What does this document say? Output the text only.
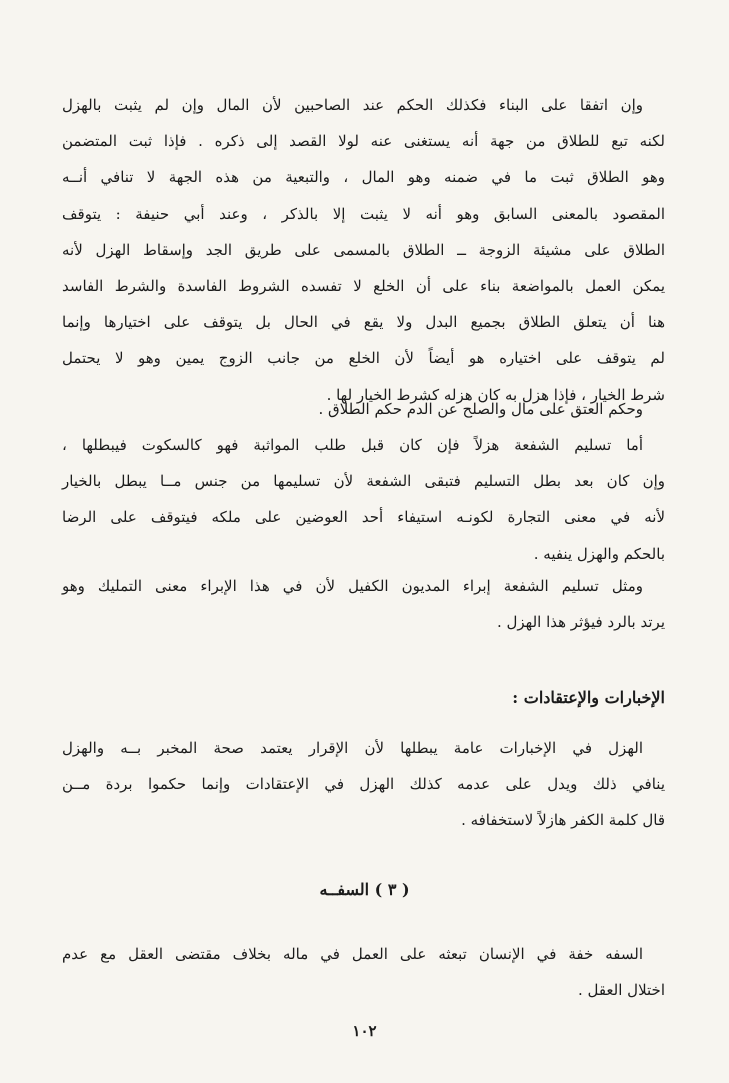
وإن اتفقا على البناء فكذلك الحكم عند الصاحبين لأن المال وإن لم يثبت بالهزل
لكنه تبع للطلاق من جهة أنه يستغنى عنه لولا القصد إلى ذكره . فإذا ثبت المتضمن
وهو الطلاق ثبت ما في ضمنه وهو المال ، والتبعية من هذه الجهة لا تنافي أنــه
المقصود بالمعنى السابق وهو أنه لا يثبت إلا بالذكر ، وعند أبي حنيفة : يتوقف
الطلاق على مشيئة الزوجة ــ الطلاق بالمسمى على طريق الجد وإسقاط الهزل لأنه
يمكن العمل بالمواضعة بناء على أن الخلع لا تفسده الشروط الفاسدة والشرط الفاسد
هنا أن يتعلق الطلاق بجميع البدل ولا يقع في الحال بل يتوقف على اختيارها وإنما
لم يتوقف على اختياره هو أيضاً لأن الخلع من جانب الزوج يمين وهو لا يحتمل
شرط الخيار ، فإذا هزل به كان هزله كشرط الخيار لها .
وحكم العتق على مال والصلح عن الدم حكم الطلاق .
أما تسليم الشفعة هزلاً فإن كان قبل طلب المواثبة فهو كالسكوت فيبطلها ،
وإن كان بعد بطل التسليم فتبقى الشفعة لأن تسليمها من جنس مــا يبطل بالخيار
لأنه في معنى التجارة لكونـه استيفاء أحد العوضين على ملكه فيتوقف على الرضا
بالحكم والهزل ينفيه .
ومثل تسليم الشفعة إبراء المديون الكفيل لأن في هذا الإبراء معنى التمليك وهو
يرتد بالرد فيؤثر هذا الهزل .
الإخبارات والإعتقادات :
الهزل في الإخبارات عامة يبطلها لأن الإقرار يعتمد صحة المخبر بــه والهزل
ينافي ذلك ويدل على عدمه كذلك الهزل في الإعتقادات وإنما حكموا بردة مــن
قال كلمة الكفر هازلاً لاستخفافه .
( ٣ ) السفــه
السفه خفة في الإنسان تبعثه على العمل في ماله بخلاف مقتضى العقل مع عدم
اختلال العقل .
١٠٢
